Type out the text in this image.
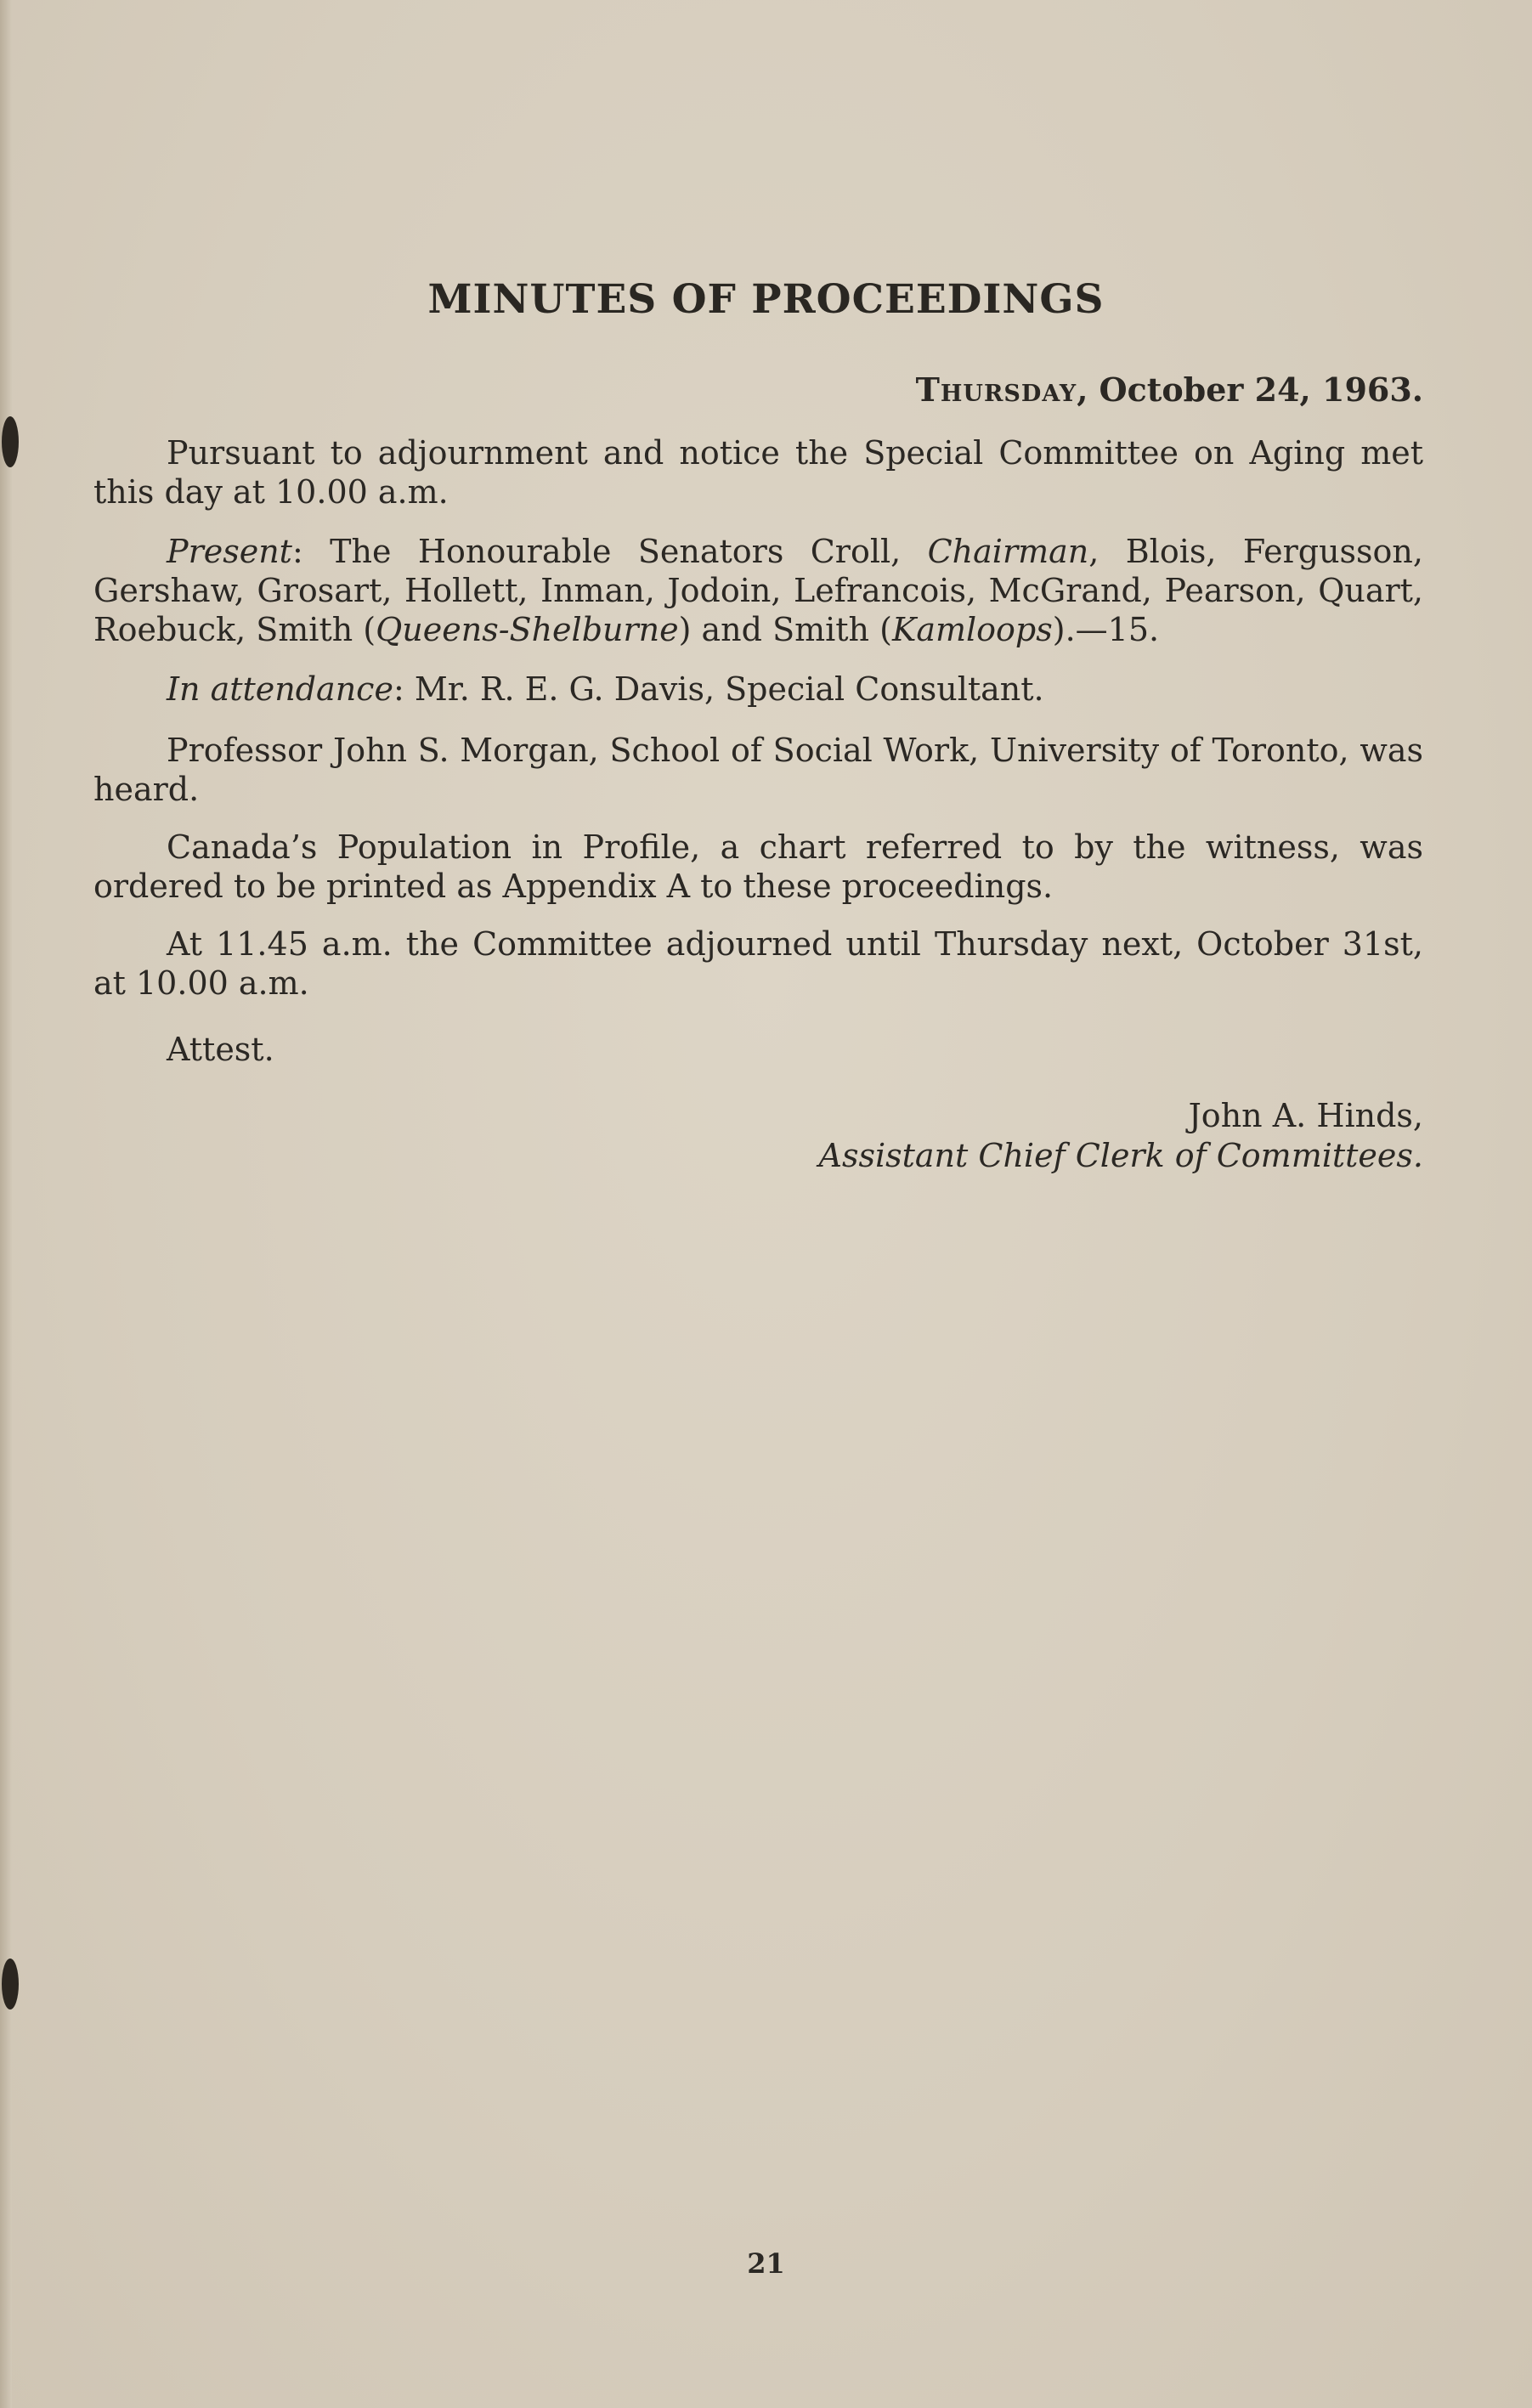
MINUTES OF PROCEEDINGS
Thursday, October 24, 1963.

Pursuant to adjournment and notice the Special Committee on Aging met this day at 10.00 a.m.

Present: The Honourable Senators Croll, Chairman, Blois, Fergusson, Gershaw, Grosart, Hollett, Inman, Jodoin, Lefrancois, McGrand, Pearson, Quart, Roebuck, Smith (Queens-Shelburne) and Smith (Kamloops).—15.

In attendance: Mr. R. E. G. Davis, Special Consultant.

Professor John S. Morgan, School of Social Work, University of Toronto, was heard.

Canada’s Population in Profile, a chart referred to by the witness, was ordered to be printed as Appendix A to these proceedings.

At 11.45 a.m. the Committee adjourned until Thursday next, October 31st, at 10.00 a.m.

Attest.

John A. Hinds,
Assistant Chief Clerk of Committees.
21
